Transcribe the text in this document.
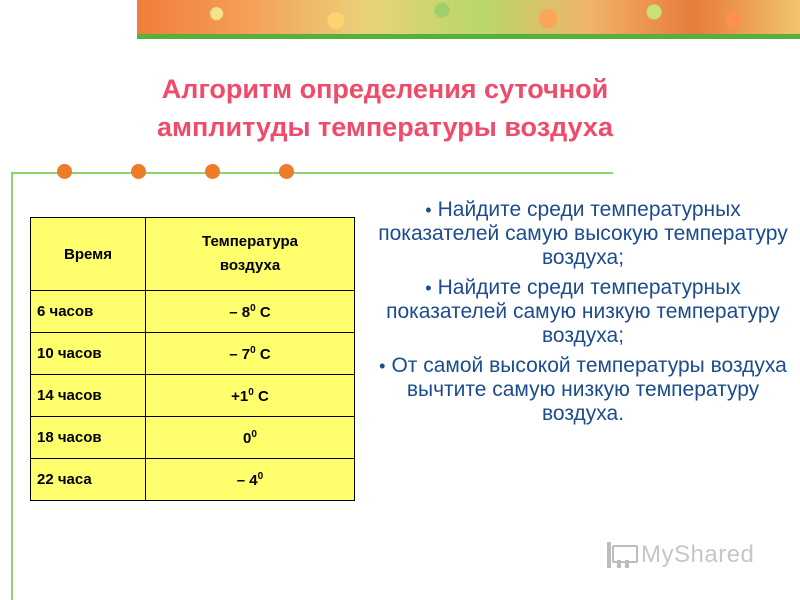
Алгоритм определения суточной
амплитуды температуры воздуха
Время	Температура
воздуха
6 часов	– $8^0$ С
10 часов	– $7^0$ С
14 часов	$+1^0$ С
18 часов	$0^0$
22 часа	– $4^0$
• Найдите среди температурных показателей самую высокую температуру воздуха;
• Найдите среди температурных показателей самую низкую температуру воздуха;
• От самой высокой температуры воздуха вычтите самую низкую температуру воздуха.
MyShared
